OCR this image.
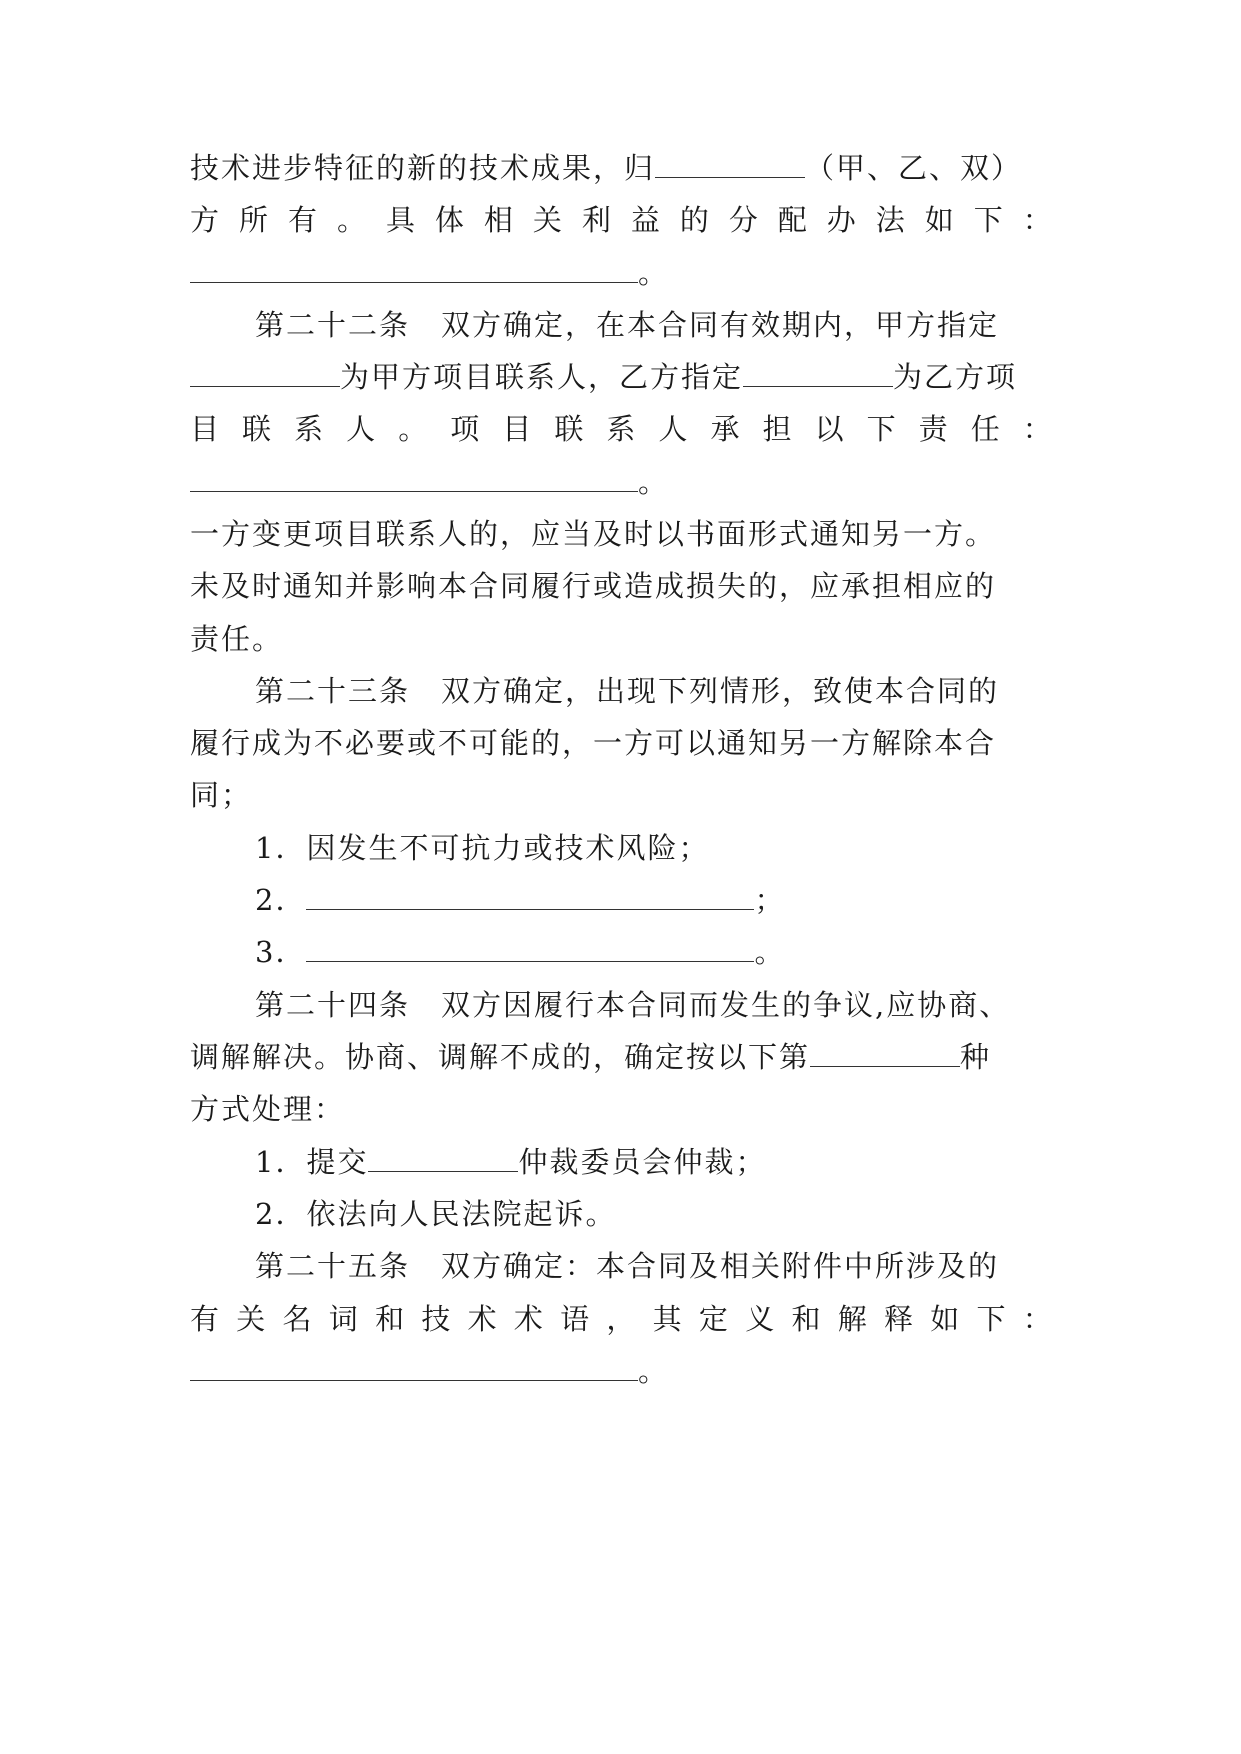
技术进步特征的新的技术成果，归	（甲、乙、双）
方 所 有 。 具 体 相 关 利 益 的 分 配 办 法 如 下 ：
。
第二十二条　双方确定，在本合同有效期内，甲方指定
为甲方项目联系人，乙方指定	为乙方项
目 联 系 人 。 项 目 联 系 人 承 担 以 下 责 任 ：
。
一方变更项目联系人的，应当及时以书面形式通知另一方。
未及时通知并影响本合同履行或造成损失的，应承担相应的
责任。
第二十三条　双方确定，出现下列情形，致使本合同的
履行成为不必要或不可能的，一方可以通知另一方解除本合
同；
1．因发生不可抗力或技术风险；
2．	；
3．	。
第二十四条　双方因履行本合同而发生的争议,应协商、
调解解决。协商、调解不成的，确定按以下第	种
方式处理：
1．提交	仲裁委员会仲裁；
2．依法向人民法院起诉。
第二十五条　双方确定：本合同及相关附件中所涉及的
有 关 名 词 和 技 术 术 语 ， 其 定 义 和 解 释 如 下 ：
。
